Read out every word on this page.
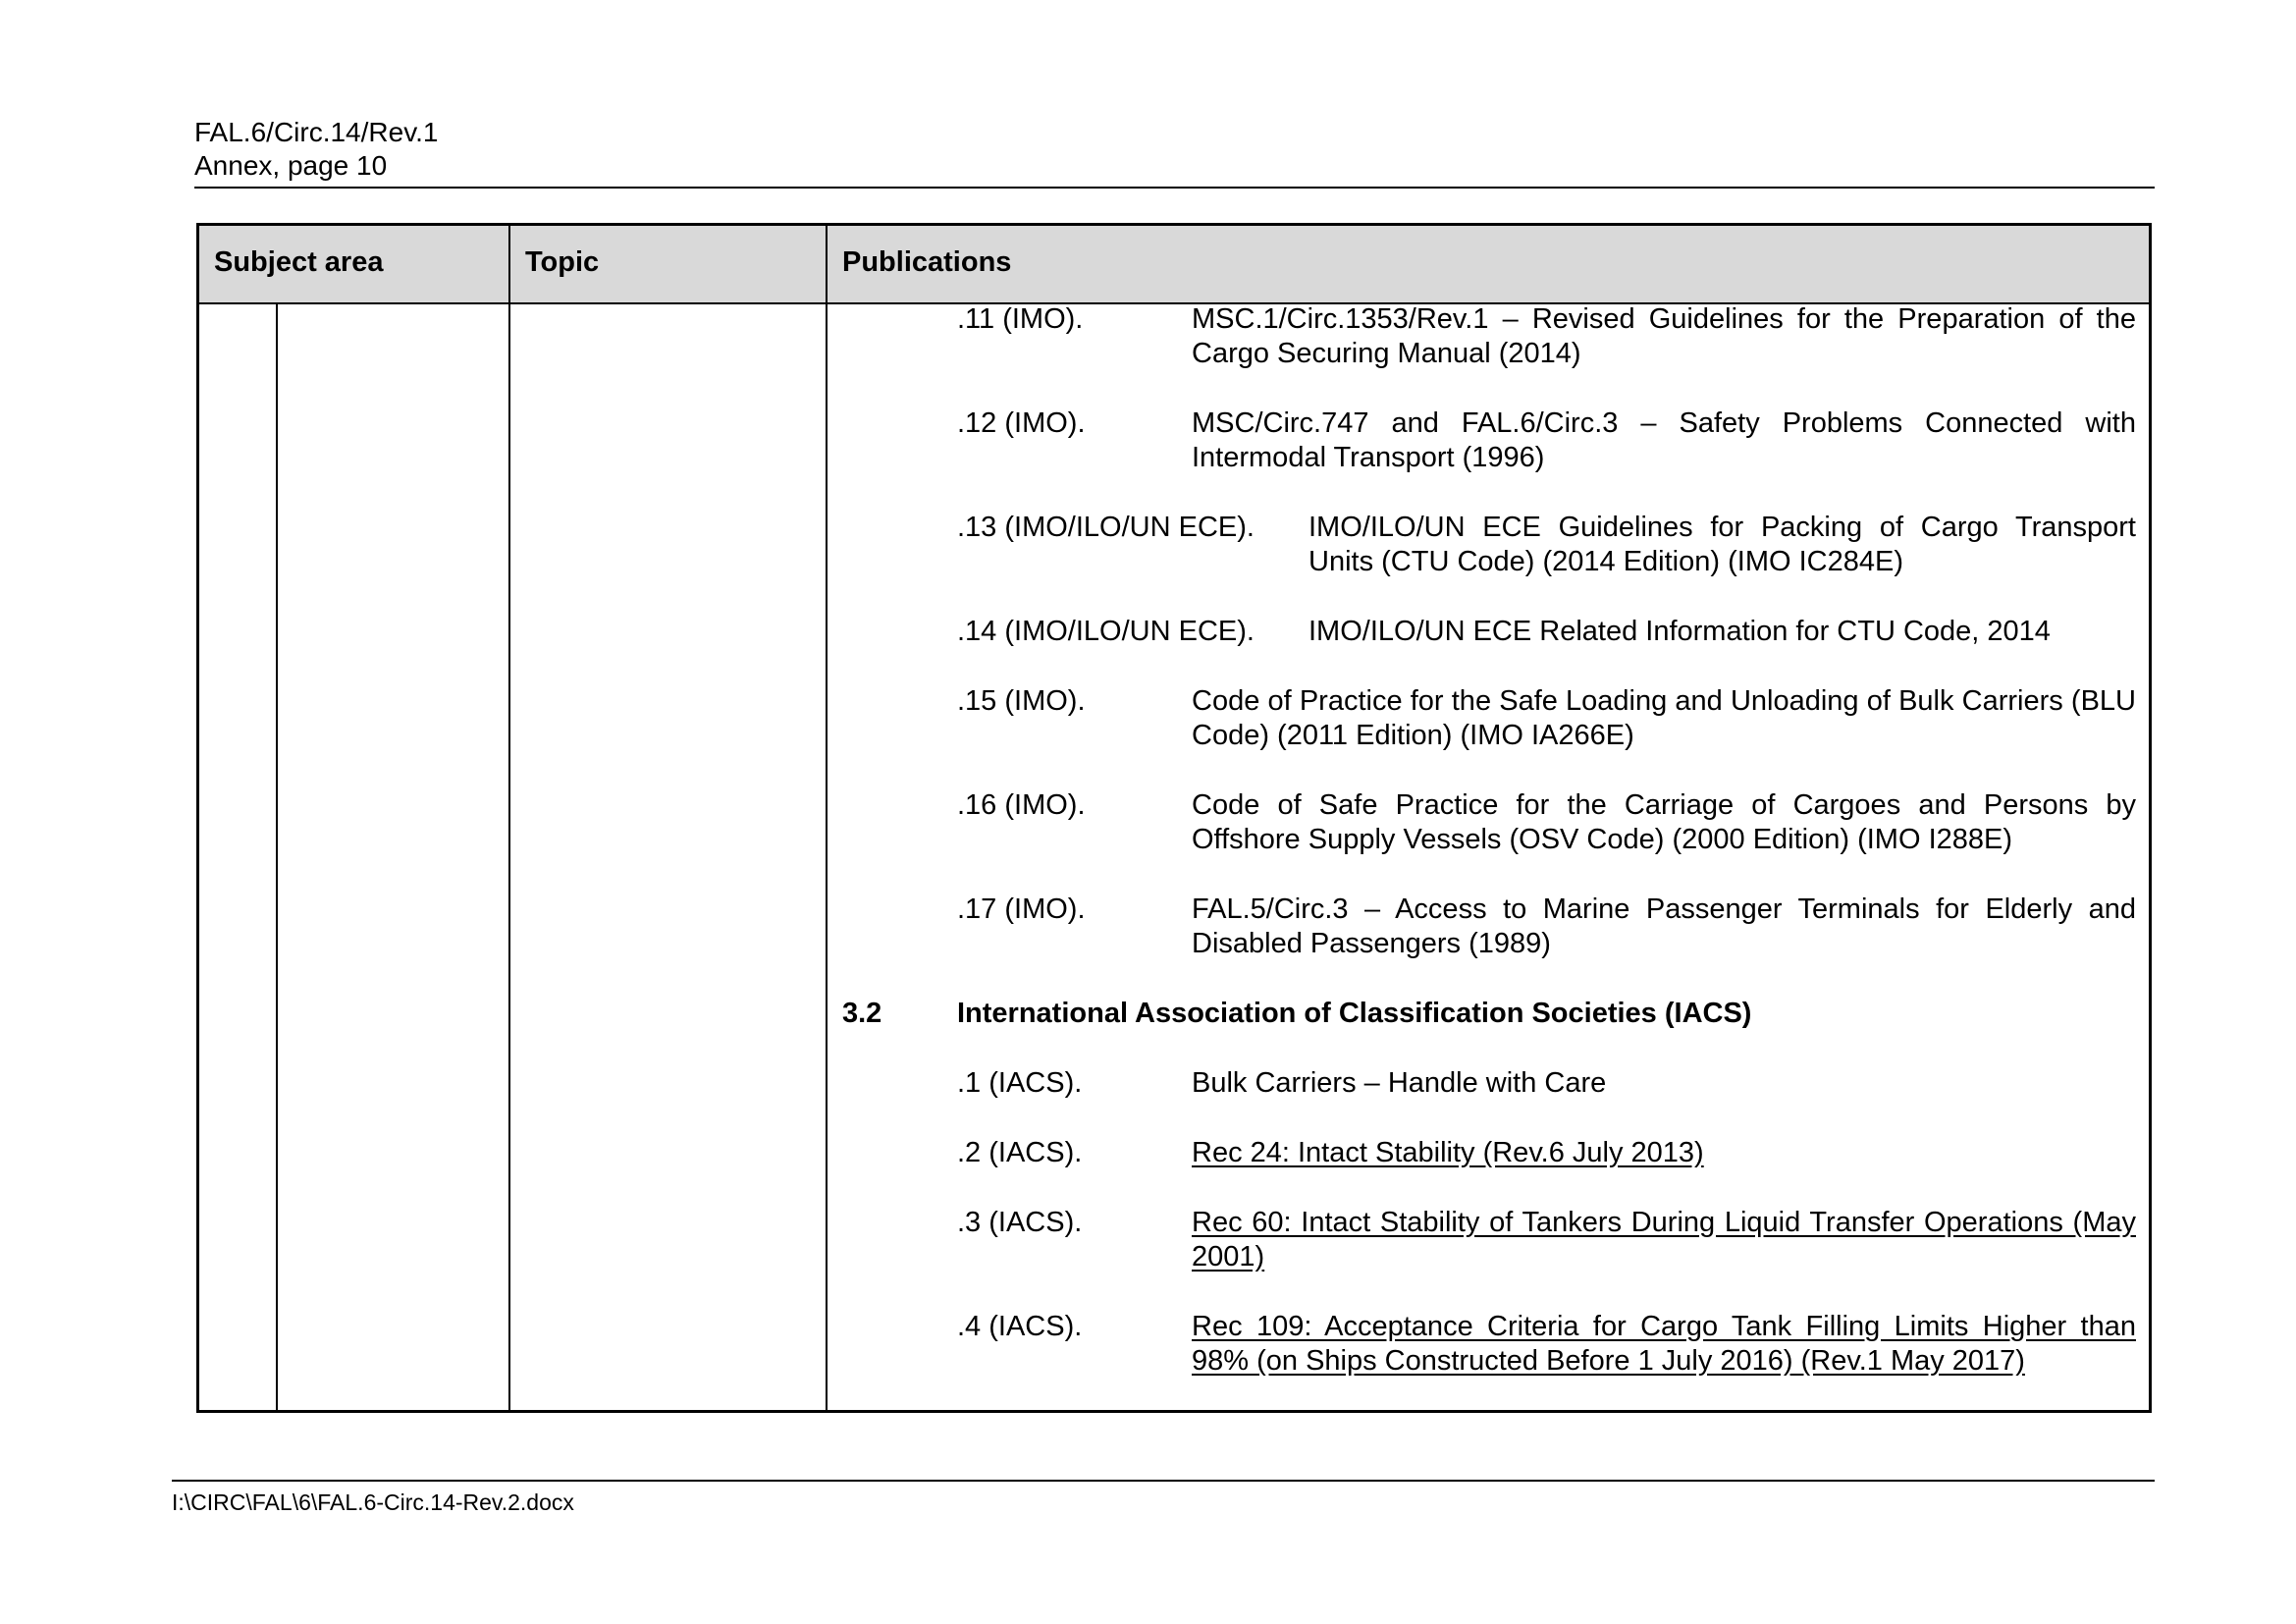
FAL.6/Circ.14/Rev.1
Annex, page 10
Subject area	Topic	Publications
.11 (IMO).	MSC.1/Circ.1353/Rev.1 – Revised Guidelines for the Preparation of the Cargo Securing Manual (2014)
.12 (IMO).	MSC/Circ.747 and FAL.6/Circ.3 – Safety Problems Connected with Intermodal Transport (1996)
.13 (IMO/ILO/UN ECE). IMO/ILO/UN ECE Guidelines for Packing of Cargo Transport Units (CTU Code) (2014 Edition) (IMO IC284E)
.14 (IMO/ILO/UN ECE). IMO/ILO/UN ECE Related Information for CTU Code, 2014
.15 (IMO).	Code of Practice for the Safe Loading and Unloading of Bulk Carriers (BLU Code) (2011 Edition) (IMO IA266E)
.16 (IMO).	Code of Safe Practice for the Carriage of Cargoes and Persons by Offshore Supply Vessels (OSV Code) (2000 Edition) (IMO I288E)
.17 (IMO).	FAL.5/Circ.3 – Access to Marine Passenger Terminals for Elderly and Disabled Passengers (1989)
3.2	International Association of Classification Societies (IACS)
.1 (IACS).	Bulk Carriers – Handle with Care
.2 (IACS).	Rec 24: Intact Stability (Rev.6 July 2013)
.3 (IACS).	Rec 60: Intact Stability of Tankers During Liquid Transfer Operations (May 2001)
.4 (IACS).	Rec 109: Acceptance Criteria for Cargo Tank Filling Limits Higher than 98% (on Ships Constructed Before 1 July 2016) (Rev.1 May 2017)
I:\CIRC\FAL\6\FAL.6-Circ.14-Rev.2.docx
